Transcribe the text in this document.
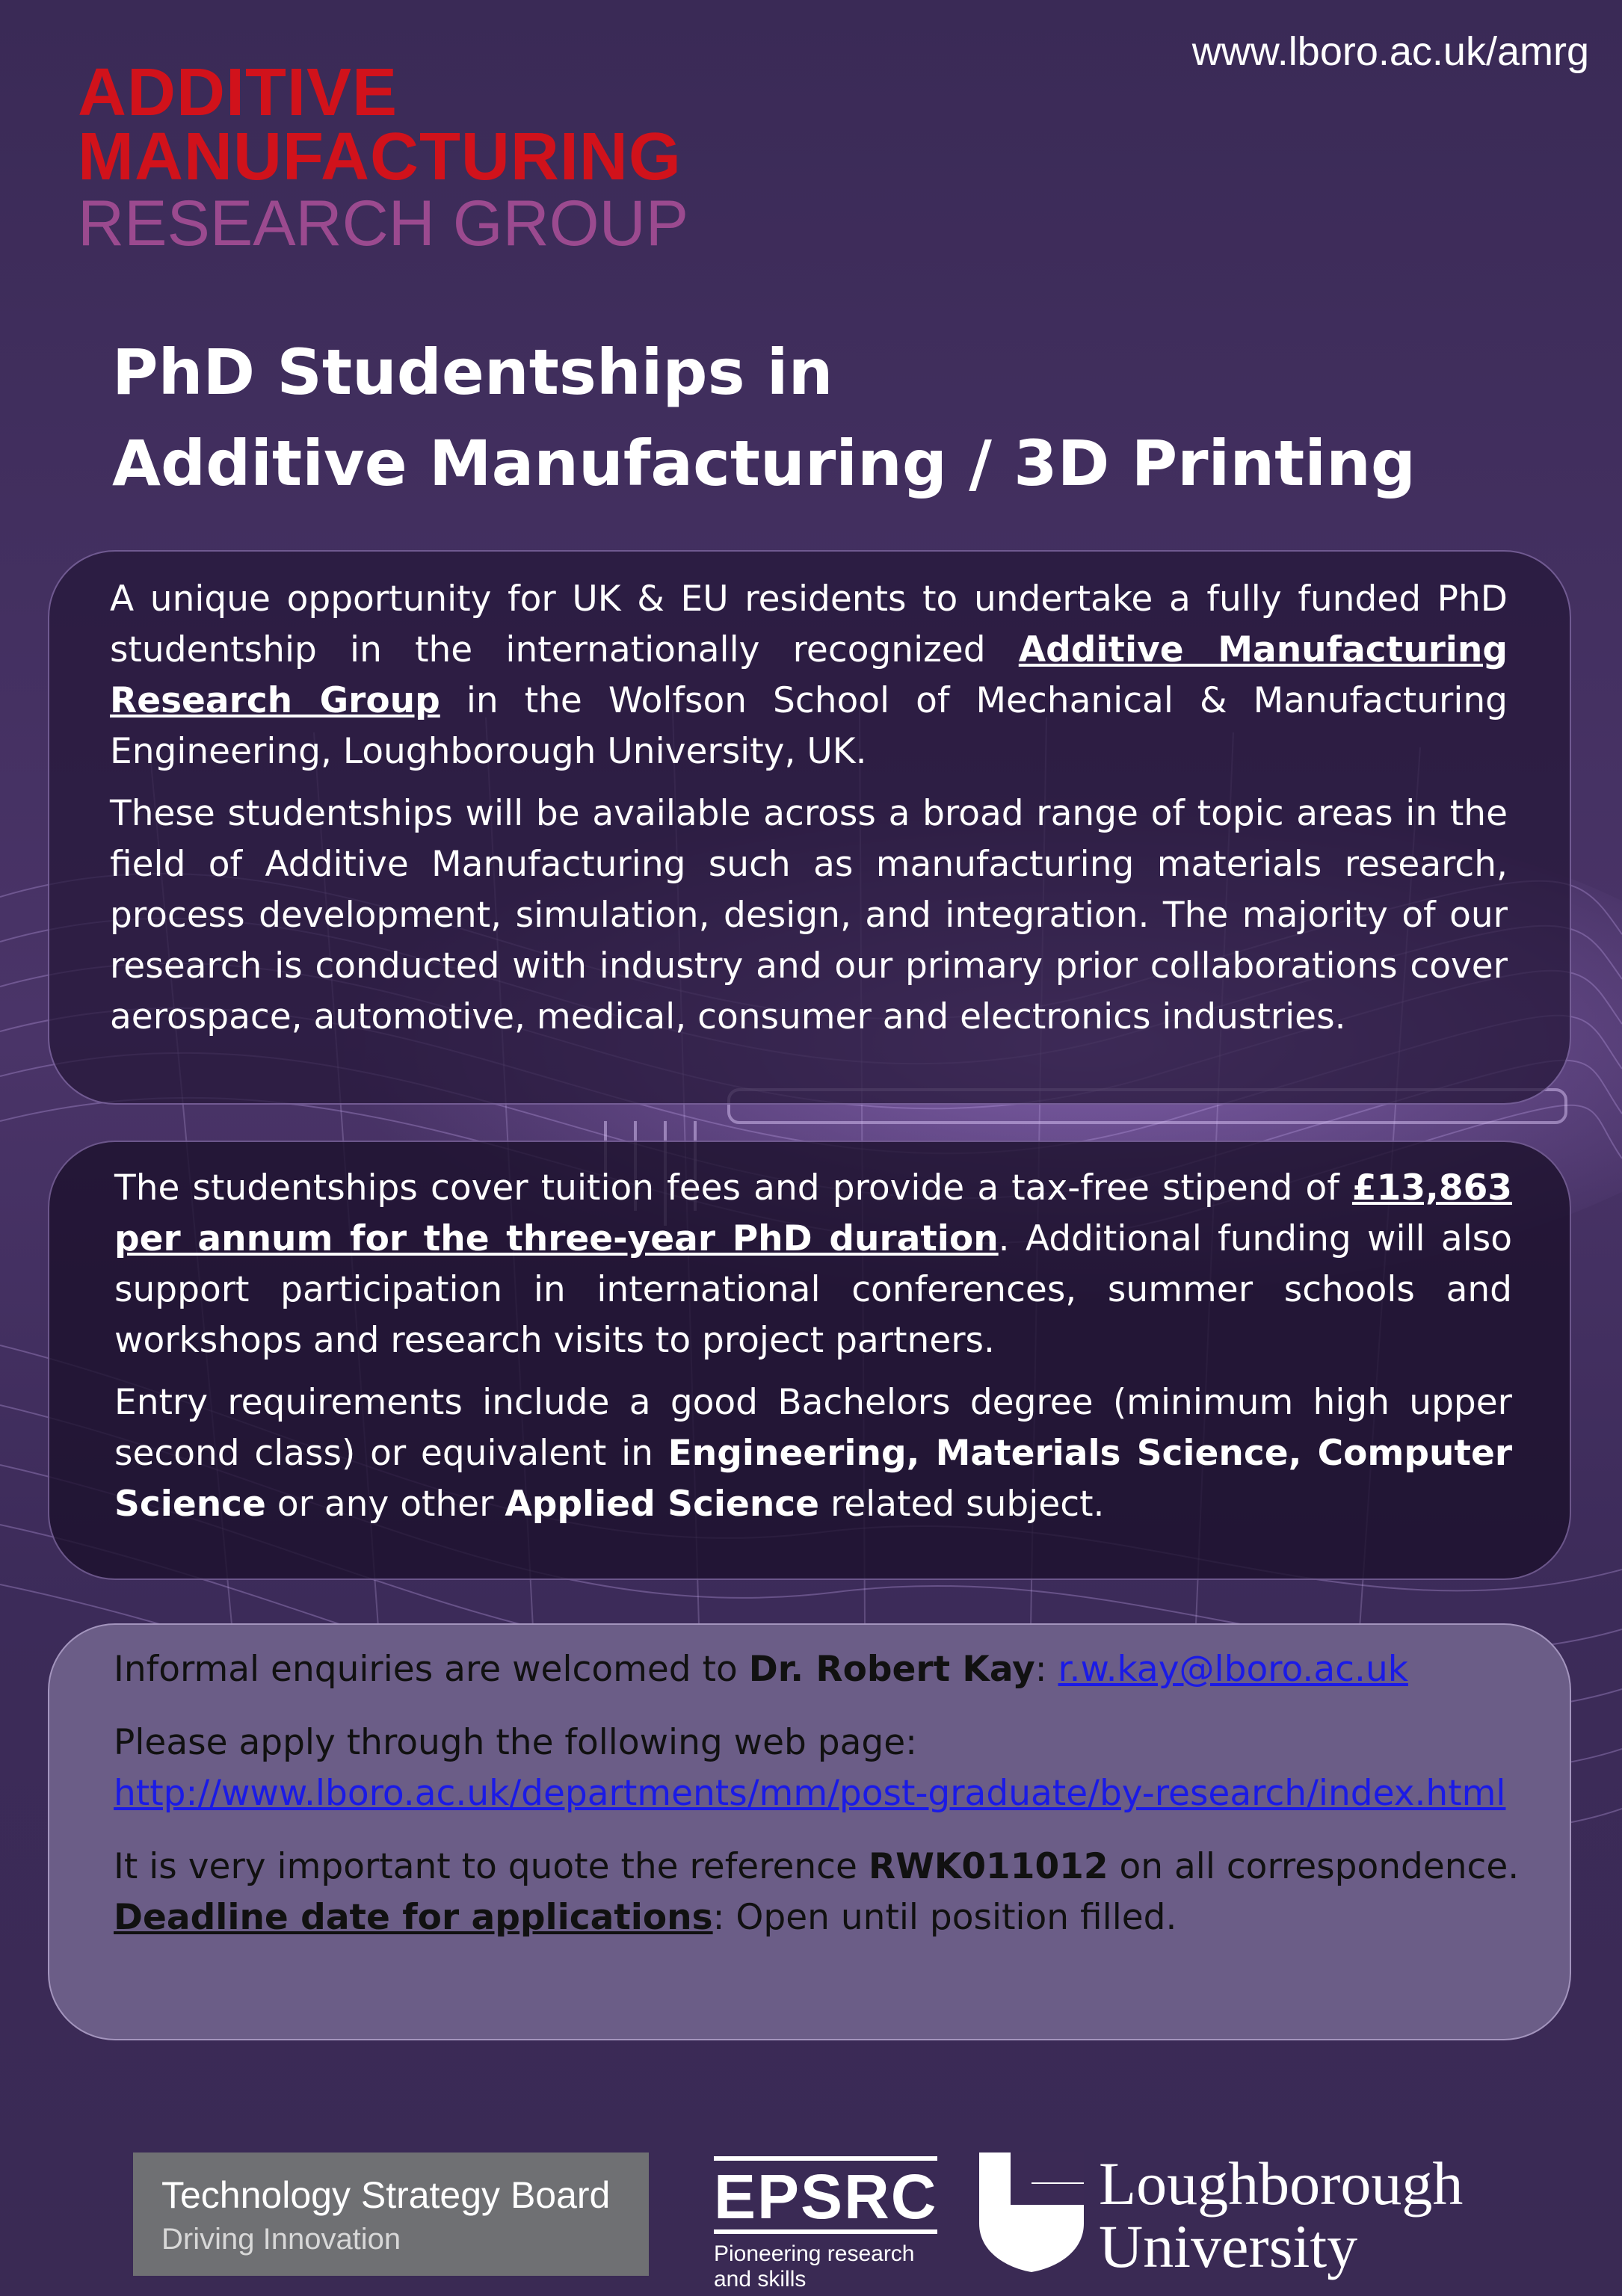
www.lboro.ac.uk/amrg
ADDITIVE
MANUFACTURING
RESEARCH GROUP
PhD Studentships in
Additive Manufacturing / 3D Printing

A unique opportunity for UK & EU residents to undertake a fully funded PhD studentship in the internationally recognized Additive Manufacturing Research Group in the Wolfson School of Mechanical & Manufacturing Engineering, Loughborough University, UK.

These studentships will be available across a broad range of topic areas in the field of Additive Manufacturing such as manufacturing materials research, process development, simulation, design, and integration. The majority of our research is conducted with industry and our primary prior collaborations cover aerospace, automotive, medical, consumer and electronics industries.

The studentships cover tuition fees and provide a tax-free stipend of £13,863 per annum for the three-year PhD duration. Additional funding will also support participation in international conferences, summer schools and workshops and research visits to project partners.

Entry requirements include a good Bachelors degree (minimum high upper second class) or equivalent in Engineering, Materials Science, Computer Science or any other Applied Science related subject.

Informal enquiries are welcomed to Dr. Robert Kay: r.w.kay@lboro.ac.uk

Please apply through the following web page:
http://www.lboro.ac.uk/departments/mm/post-graduate/by-research/index.html

It is very important to quote the reference RWK011012 on all correspondence.
Deadline date for applications: Open until position filled.

Technology Strategy Board
Driving Innovation
EPSRC
Pioneering research
and skills
Loughborough
University
